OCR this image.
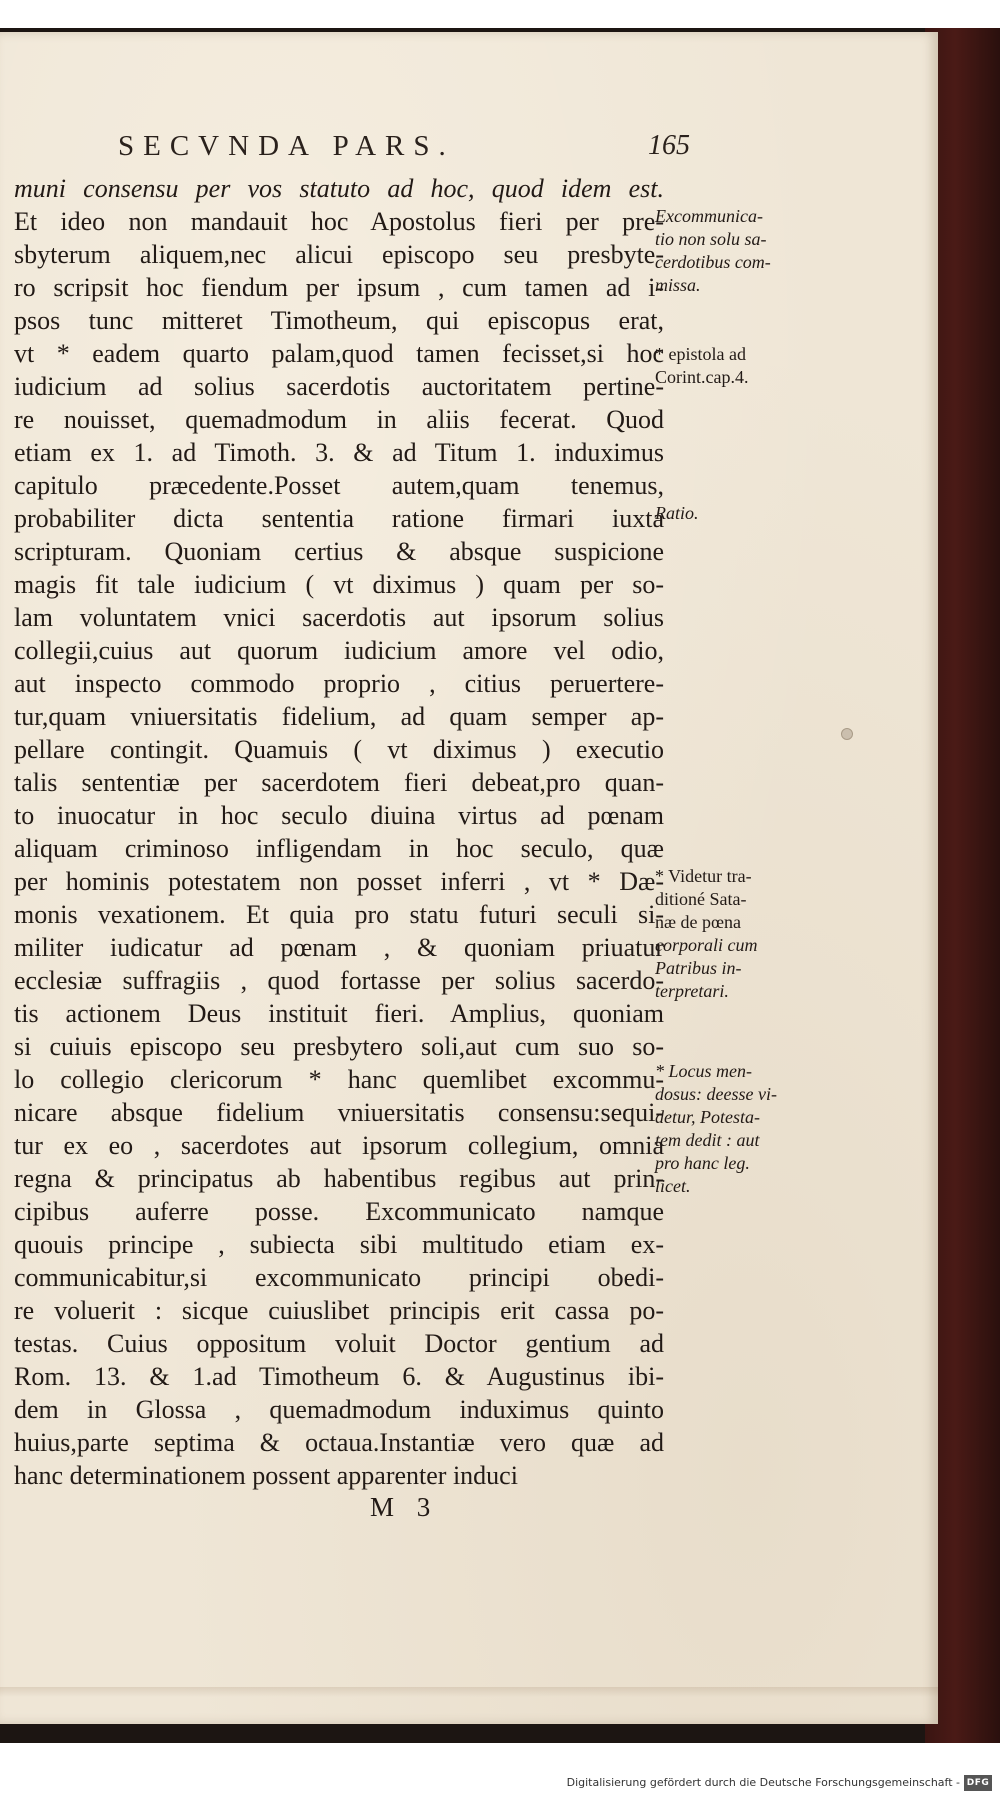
SECVNDA PARS.	165
muni consensu per vos statuto ad hoc, quod idem est.
Et ideo non mandauit hoc Apostolus fieri per pre-
sbyterum aliquem,nec alicui episcopo seu presbyte-
ro scripsit hoc fiendum per ipsum , cum tamen ad i-
psos tunc mitteret Timotheum, qui episcopus erat,
vt * eadem quarto palam,quod tamen fecisset,si hoc
iudicium ad solius sacerdotis auctoritatem pertine-
re nouisset, quemadmodum in aliis fecerat. Quod
etiam ex 1. ad Timoth. 3. & ad Titum 1. induximus
capitulo præcedente.Posset autem,quam tenemus,
probabiliter dicta sententia ratione firmari iuxta
scripturam. Quoniam certius & absque suspicione
magis fit tale iudicium ( vt diximus ) quam per so-
lam voluntatem vnici sacerdotis aut ipsorum solius
collegii,cuius aut quorum iudicium amore vel odio,
aut inspecto commodo proprio , citius peruertere-
tur,quam vniuersitatis fidelium, ad quam semper ap-
pellare contingit. Quamuis ( vt diximus ) executio
talis sententiæ per sacerdotem fieri debeat,pro quan-
to inuocatur in hoc seculo diuina virtus ad pœnam
aliquam criminoso infligendam in hoc seculo, quæ
per hominis potestatem non posset inferri , vt * Dæ-
monis vexationem. Et quia pro statu futuri seculi si-
militer iudicatur ad pœnam , & quoniam priuatur
ecclesiæ suffragiis , quod fortasse per solius sacerdo-
tis actionem Deus instituit fieri. Amplius, quoniam
si cuiuis episcopo seu presbytero soli,aut cum suo so-
lo collegio clericorum * hanc quemlibet excommu-
nicare absque fidelium vniuersitatis consensu:sequi-
tur ex eo , sacerdotes aut ipsorum collegium, omnia
regna & principatus ab habentibus regibus aut prin-
cipibus auferre posse. Excommunicato namque
quouis principe , subiecta sibi multitudo etiam ex-
communicabitur,si excommunicato principi obedi-
re voluerit : sicque cuiuslibet principis erit cassa po-
testas. Cuius oppositum voluit Doctor gentium ad
Rom. 13. & 1.ad Timotheum 6. & Augustinus ibi-
dem in Glossa , quemadmodum induximus quinto
huius,parte septima & octaua.Instantiæ vero quæ ad
hanc determinationem possent apparenter induci
Excommunica-
tio non solu sa-
cerdotibus com-
missa.
* epistola ad
Corint.cap.4.
Ratio.
* Videtur tra-
ditioné Sata-
næ de pœna
corporali cum
Patribus in-
terpretari.
* Locus men-
dosus: deesse vi-
detur, Potesta-
tem dedit : aut
pro hanc leg.
licet.
M 3
Digitalisierung gefördert durch die Deutsche Forschungsgemeinschaft - DFG
